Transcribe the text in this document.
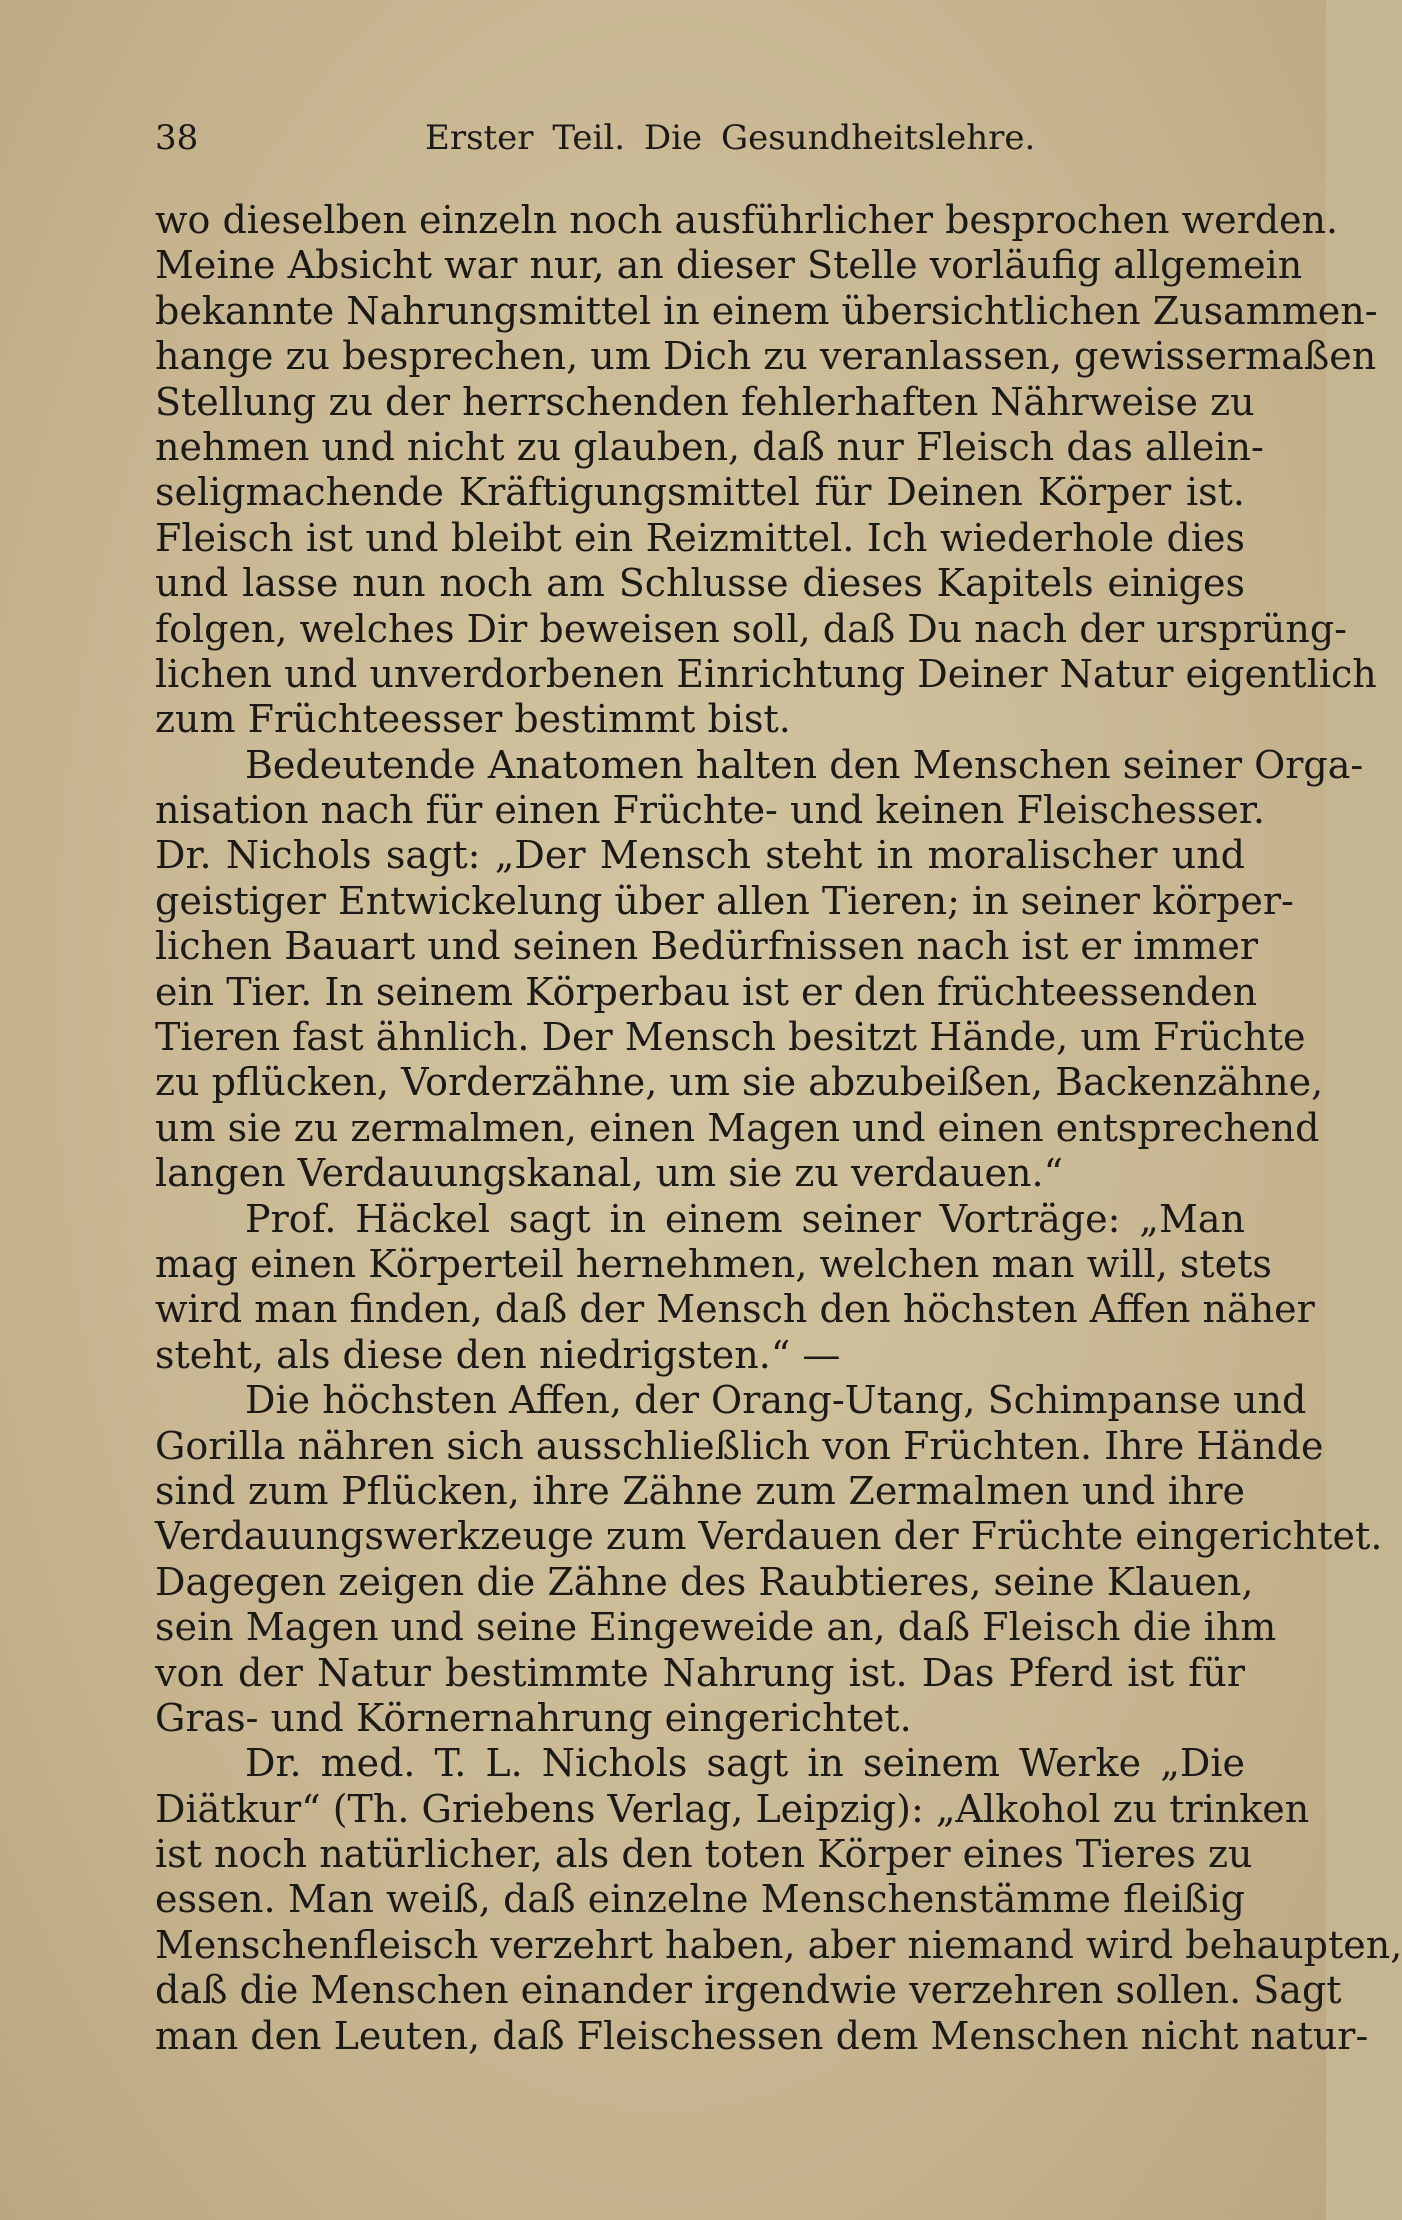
38	Erster Teil. Die Gesundheitslehre.
wo dieselben einzeln noch ausführlicher besprochen werden.
Meine Absicht war nur, an dieser Stelle vorläufig allgemein
bekannte Nahrungsmittel in einem übersichtlichen Zusammen-
hange zu besprechen, um Dich zu veranlassen, gewissermaßen
Stellung zu der herrschenden fehlerhaften Nährweise zu
nehmen und nicht zu glauben, daß nur Fleisch das allein-
seligmachende Kräftigungsmittel für Deinen Körper ist.
Fleisch ist und bleibt ein Reizmittel. Ich wiederhole dies
und lasse nun noch am Schlusse dieses Kapitels einiges
folgen, welches Dir beweisen soll, daß Du nach der ursprüng-
lichen und unverdorbenen Einrichtung Deiner Natur eigentlich
zum Früchteesser bestimmt bist.
Bedeutende Anatomen halten den Menschen seiner Orga-
nisation nach für einen Früchte- und keinen Fleischesser.
Dr. Nichols sagt: „Der Mensch steht in moralischer und
geistiger Entwickelung über allen Tieren; in seiner körper-
lichen Bauart und seinen Bedürfnissen nach ist er immer
ein Tier. In seinem Körperbau ist er den früchteessenden
Tieren fast ähnlich. Der Mensch besitzt Hände, um Früchte
zu pflücken, Vorderzähne, um sie abzubeißen, Backenzähne,
um sie zu zermalmen, einen Magen und einen entsprechend
langen Verdauungskanal, um sie zu verdauen.“
Prof. Häckel sagt in einem seiner Vorträge: „Man
mag einen Körperteil hernehmen, welchen man will, stets
wird man finden, daß der Mensch den höchsten Affen näher
steht, als diese den niedrigsten.“ —
Die höchsten Affen, der Orang-Utang, Schimpanse und
Gorilla nähren sich ausschließlich von Früchten. Ihre Hände
sind zum Pflücken, ihre Zähne zum Zermalmen und ihre
Verdauungswerkzeuge zum Verdauen der Früchte eingerichtet.
Dagegen zeigen die Zähne des Raubtieres, seine Klauen,
sein Magen und seine Eingeweide an, daß Fleisch die ihm
von der Natur bestimmte Nahrung ist. Das Pferd ist für
Gras- und Körnernahrung eingerichtet.
Dr. med. T. L. Nichols sagt in seinem Werke „Die
Diätkur“ (Th. Griebens Verlag, Leipzig): „Alkohol zu trinken
ist noch natürlicher, als den toten Körper eines Tieres zu
essen. Man weiß, daß einzelne Menschenstämme fleißig
Menschenfleisch verzehrt haben, aber niemand wird behaupten,
daß die Menschen einander irgendwie verzehren sollen. Sagt
man den Leuten, daß Fleischessen dem Menschen nicht natur-
